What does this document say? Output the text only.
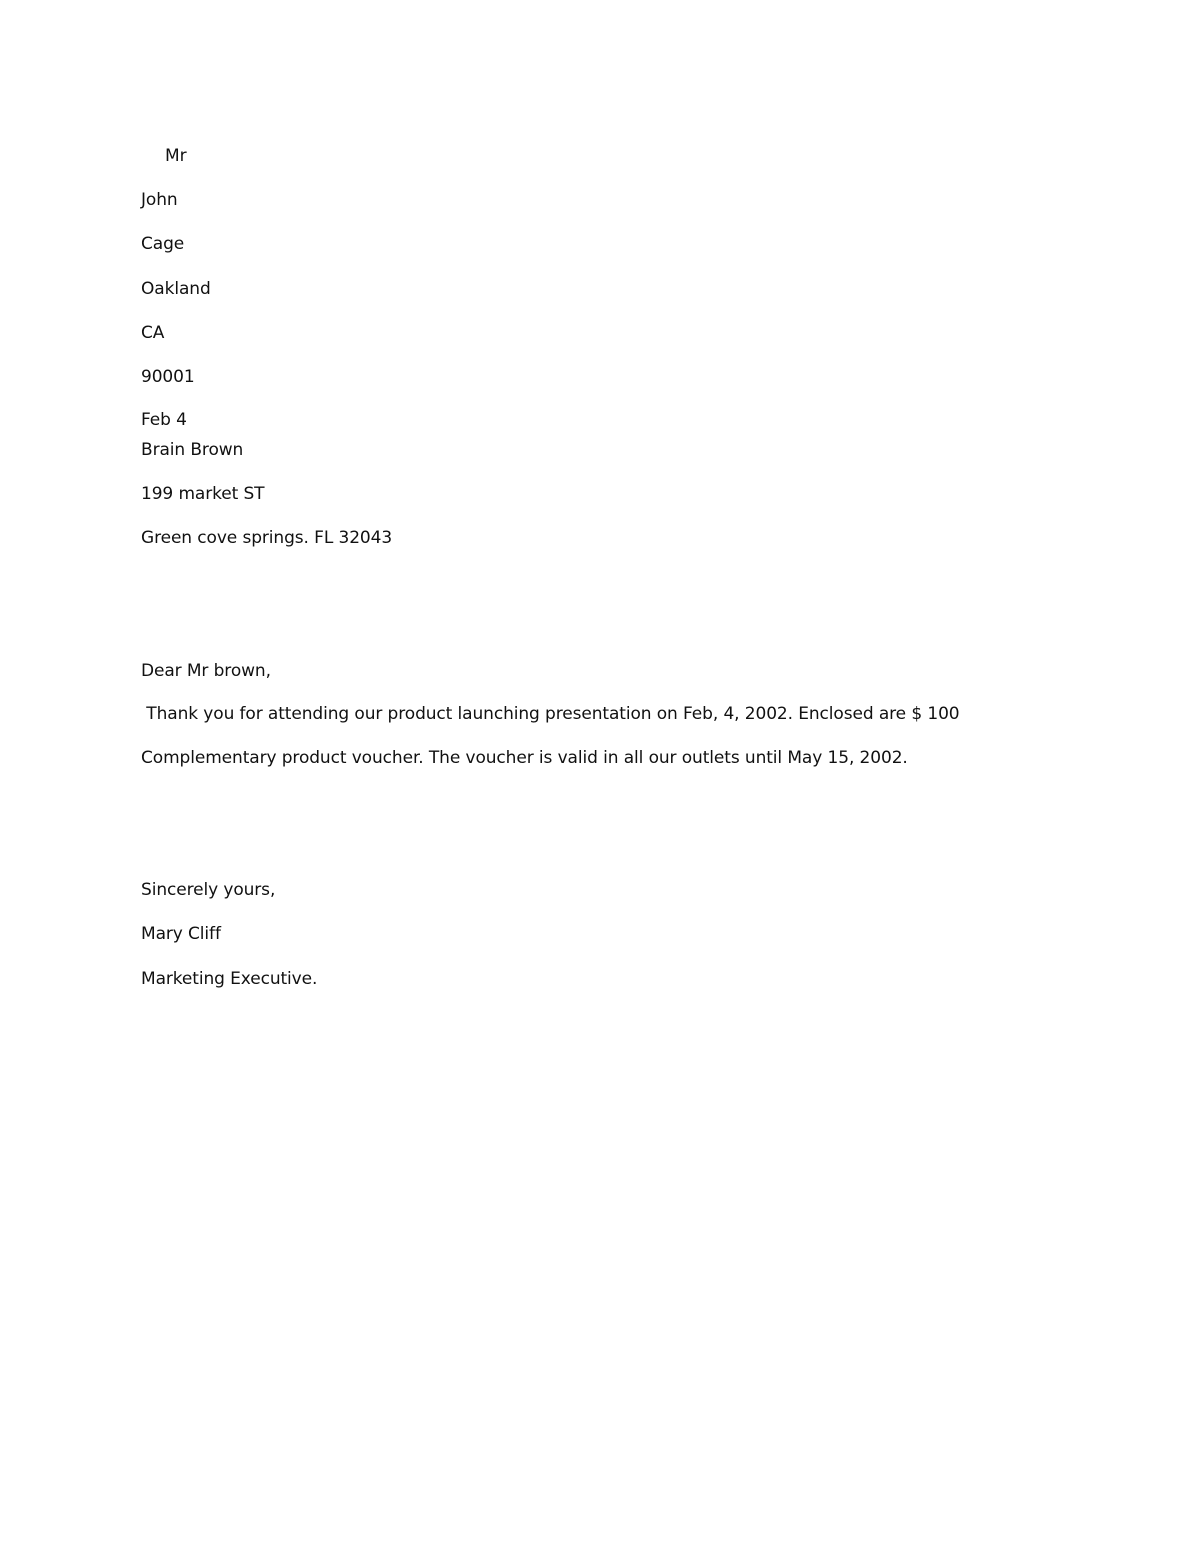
Mr
John
Cage
Oakland
CA
90001
Feb 4
Brain Brown
199 market ST
Green cove springs. FL 32043
Dear Mr brown,
Thank you for attending our product launching presentation on Feb, 4, 2002. Enclosed are $ 100
Complementary product voucher. The voucher is valid in all our outlets until May 15, 2002.
Sincerely yours,
Mary Cliff
Marketing Executive.
